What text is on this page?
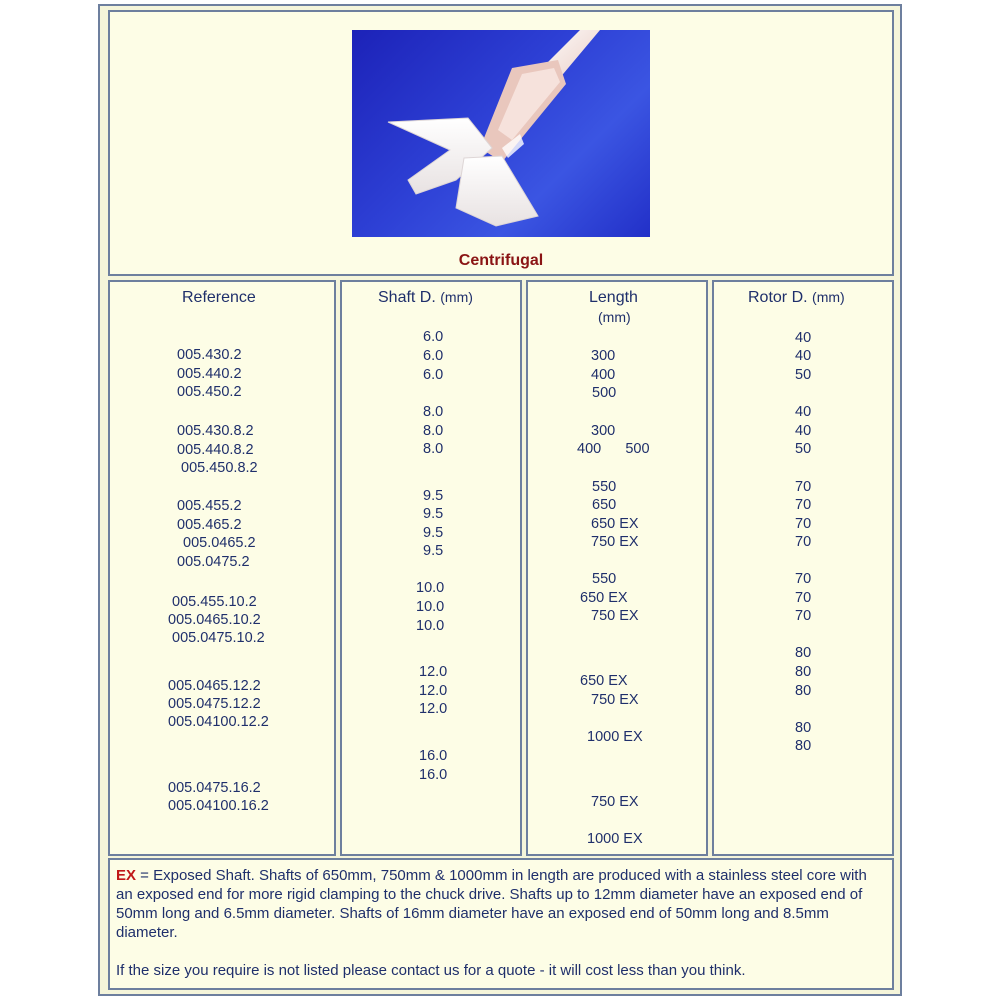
Centrifugal
Reference	Shaft D. (mm)	Length
(mm)
Rotor D. (mm)
005.430.2
005.440.2
005.450.2
005.430.8.2
005.440.8.2
005.450.8.2
005.455.2
005.465.2
005.0465.2
005.0475.2
005.455.10.2
005.0465.10.2
005.0475.10.2
005.0465.12.2
005.0475.12.2
005.04100.12.2
005.0475.16.2
005.04100.16.2
6.0
6.0
6.0
8.0
8.0
8.0
9.5
9.5
9.5
9.5
10.0
10.0
10.0
12.0
12.0
12.0
16.0
16.0
300
400
500
300
400      500
550
650
650 EX
750 EX
550
650 EX
750 EX
650 EX
750 EX
1000 EX
750 EX
1000 EX
40
40
50
40
40
50
70
70
70
70
70
70
70
80
80
80
80
80
EX = Exposed Shaft. Shafts of 650mm, 750mm & 1000mm in length are produced with a stainless steel core with an exposed end for more rigid clamping to the chuck drive. Shafts up to 12mm diameter have an exposed end of 50mm long and 6.5mm diameter. Shafts of 16mm diameter have an exposed end of 50mm long and 8.5mm diameter.
If the size you require is not listed please contact us for a quote - it will cost less than you think.
